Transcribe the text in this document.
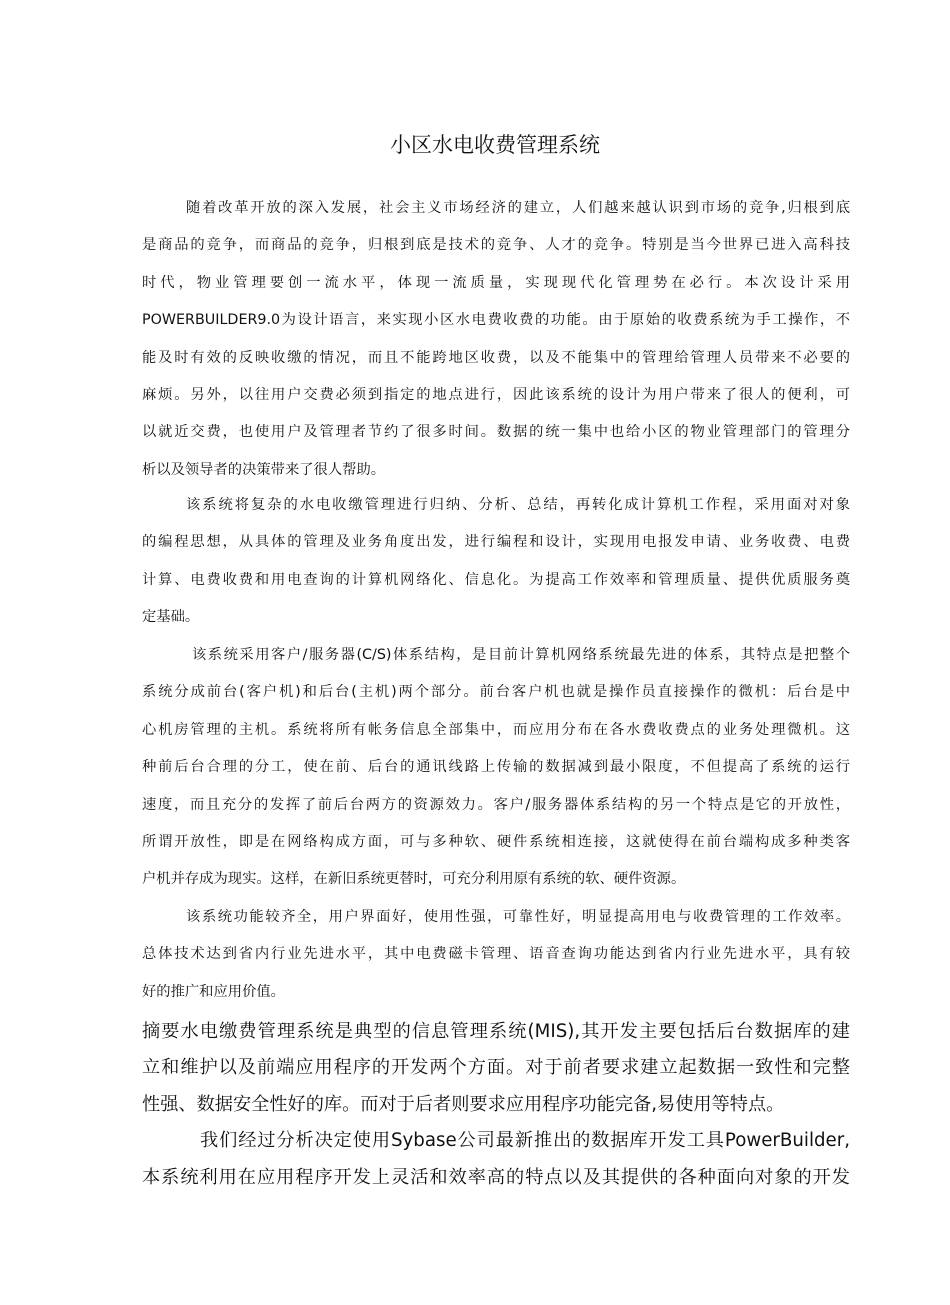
小区水电收费管理系统
随着改革开放的深入发展，社会主义市场经济的建立，人们越来越认识到市场的竞争,归根到底
是商品的竞争，而商品的竞争，归根到底是技术的竞争、人才的竞争。特别是当今世界已进入高科技
时代，物业管理要创一流水平，体现一流质量，实现现代化管理势在必行。本次设计采用
POWERBUILDER9.0为设计语言，来实现小区水电费收费的功能。由于原始的收费系统为手工操作，不
能及时有效的反映收缴的情况，而且不能跨地区收费，以及不能集中的管理给管理人员带来不必要的
麻烦。另外，以往用户交费必须到指定的地点进行，因此该系统的设计为用户带来了很人的便利，可
以就近交费，也使用户及管理者节约了很多时间。数据的统一集中也给小区的物业管理部门的管理分
析以及领导者的决策带来了很人帮助。
该系统将复杂的水电收缴管理进行归纳、分析、总结，再转化成计算机工作程，采用面对对象
的编程思想，从具体的管理及业务角度出发，进行编程和设计，实现用电报发申请、业务收费、电费
计算、电费收费和用电查询的计算机网络化、信息化。为提高工作效率和管理质量、提供优质服务奠
定基础。
该系统采用客户/服务器(C/S)体系结构，是目前计算机网络系统最先进的体系，其特点是把整个
系统分成前台(客户机)和后台(主机)两个部分。前台客户机也就是操作员直接操作的微机：后台是中
心机房管理的主机。系统将所有帐务信息全部集中，而应用分布在各水费收费点的业务处理微机。这
种前后台合理的分工，使在前、后台的通讯线路上传输的数据减到最小限度，不但提高了系统的运行
速度，而且充分的发挥了前后台两方的资源效力。客户/服务器体系结构的另一个特点是它的开放性，
所谓开放性，即是在网络构成方面，可与多种软、硬件系统相连接，这就使得在前台端构成多种类客
户机并存成为现实。这样，在新旧系统更替时，可充分利用原有系统的软、硬件资源。
该系统功能较齐全，用户界面好，使用性强，可靠性好，明显提高用电与收费管理的工作效率。
总体技术达到省内行业先进水平，其中电费磁卡管理、语音查询功能达到省内行业先进水平，具有较
好的推广和应用价值。
摘要水电缴费管理系统是典型的信息管理系统(MIS),其开发主要包括后台数据库的建
立和维护以及前端应用程序的开发两个方面。对于前者要求建立起数据一致性和完整
性强、数据安全性好的库。而对于后者则要求应用程序功能完备,易使用等特点。
我们经过分析决定使用Sybase公司最新推出的数据库开发工具PowerBuilder,
本系统利用在应用程序开发上灵活和效率高的特点以及其提供的各种面向对象的开发
